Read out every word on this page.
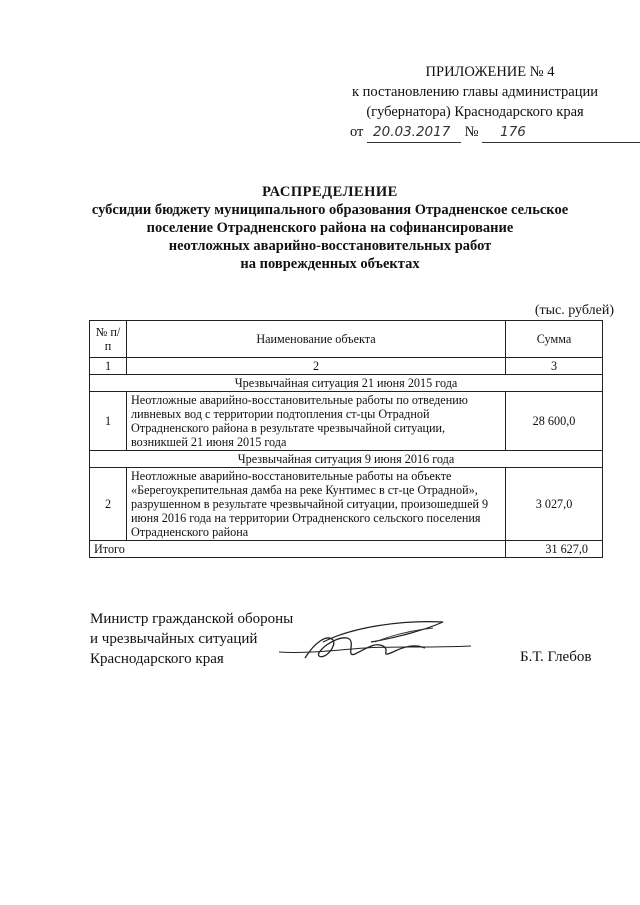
ПРИЛОЖЕНИЕ № 4
к постановлению главы администрации
(губернатора) Краснодарского края
от 20.03.2017 № 176
РАСПРЕДЕЛЕНИЕ
субсидии бюджету муниципального образования Отрадненское сельское
поселение Отрадненского района на софинансирование
неотложных аварийно-восстановительных работ
на поврежденных объектах
(тыс. рублей)
№ п/п	Наименование объекта	Сумма
1	2	3
Чрезвычайная ситуация 21 июня 2015 года		
1	Неотложные аварийно-восстановительные работы по отведению ливневых вод с территории подтопления ст-цы Отрадной Отрадненского района в результате чрезвычайной ситуации, возникшей 21 июня 2015 года	28 600,0
Чрезвычайная ситуация 9 июня 2016 года		
2	Неотложные аварийно-восстановительные работы на объекте «Берегоукрепительная дамба на реке Кунтимес в ст-це Отрадной», разрушенном в результате чрезвычайной ситуации, произошедшей 9 июня 2016 года на территории Отрадненского сельского поселения Отрадненского района	3 027,0
Итого		31 627,0
Министр гражданской обороны
и чрезвычайных ситуаций
Краснодарского края	Б.Т. Глебов
